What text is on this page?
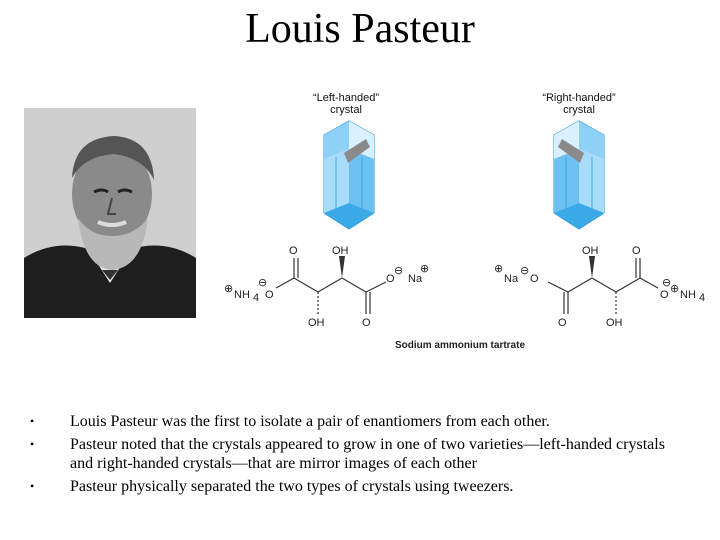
Louis Pasteur
“Left-handed”
crystal
“Right-handed”
crystal
⊕ NH 4
⊖
O
O	OH
OH	O
O
⊖
Na
⊕	⊕
Na
⊖
O
OH	O
O	OH
O
⊖
⊕ NH 4
Sodium ammonium tartrate
•	Louis Pasteur was the first to isolate a pair of enantiomers from each other.
•	Pasteur noted that the crystals appeared to grow in one of two varieties—left-handed crystals and right-handed crystals—that are mirror images of each other
•	Pasteur physically separated the two types of crystals using tweezers.
